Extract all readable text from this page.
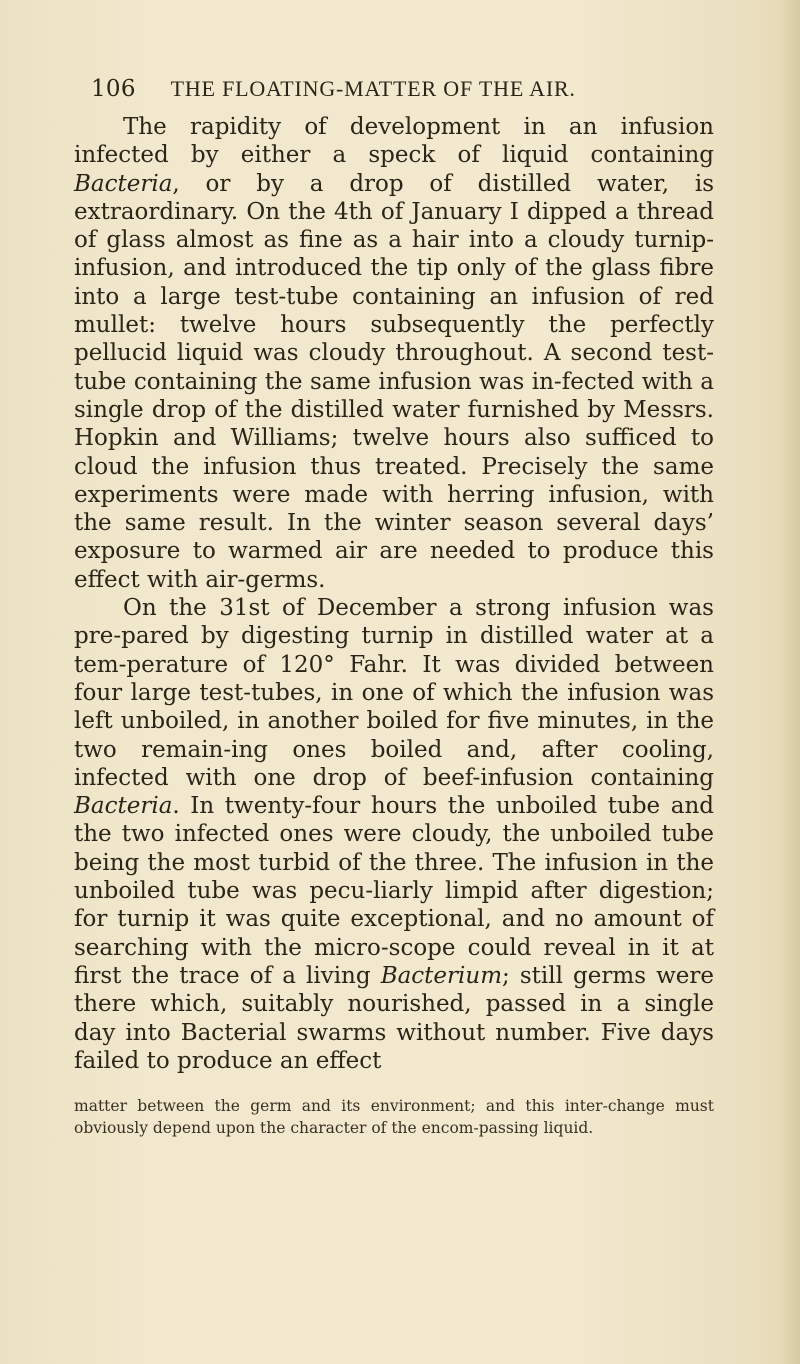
106 THE FLOATING-MATTER OF THE AIR.

The rapidity of development in an infusion infected by either a speck of liquid containing Bacteria, or by a drop of distilled water, is extraordinary. On the 4th of January I dipped a thread of glass almost as fine as a hair into a cloudy turnip-infusion, and introduced the tip only of the glass fibre into a large test-tube containing an infusion of red mullet: twelve hours subsequently the perfectly pellucid liquid was cloudy throughout. A second test-tube containing the same infusion was in-fected with a single drop of the distilled water furnished by Messrs. Hopkin and Williams; twelve hours also sufficed to cloud the infusion thus treated. Precisely the same experiments were made with herring infusion, with the same result. In the winter season several days’ exposure to warmed air are needed to produce this effect with air-germs.

On the 31st of December a strong infusion was pre-pared by digesting turnip in distilled water at a tem-perature of 120° Fahr. It was divided between four large test-tubes, in one of which the infusion was left unboiled, in another boiled for five minutes, in the two remain-ing ones boiled and, after cooling, infected with one drop of beef-infusion containing Bacteria. In twenty-four hours the unboiled tube and the two infected ones were cloudy, the unboiled tube being the most turbid of the three. The infusion in the unboiled tube was pecu-liarly limpid after digestion; for turnip it was quite exceptional, and no amount of searching with the micro-scope could reveal in it at first the trace of a living Bacterium; still germs were there which, suitably nourished, passed in a single day into Bacterial swarms without number. Five days failed to produce an effect

matter between the germ and its environment; and this inter-change must obviously depend upon the character of the encom-passing liquid.
